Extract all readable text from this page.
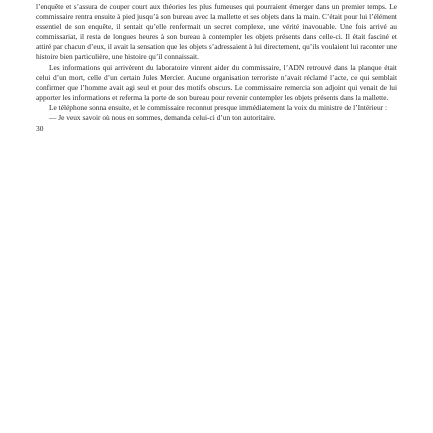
l’enquête et s’assura de couper court aux théories les plus fumeuses qui pourraient émerger dans un premier temps. Le commissaire rentra ensuite à pied jusqu’à son bureau avec la mallette et ses objets dans la main. C’était pour lui l’élément essentiel de son enquête, il sentait qu’elle renfermait un secret complexe, une vérité inavouable. Une fois arrivé au commissariat, il resta de longues heures à son bureau à contempler les objets présents dans celle-ci. Il était fasciné et attiré par chacun d’eux, il avait la sensation que les objets s’adressaient à lui directement, qu’ils voulaient lui raconter une histoire bien particulière, une histoire qu’il connaissait.

Les informations qui arrivèrent du laboratoire vinrent aider du commissaire, l’ADN retrouvé dans la planque était celui d’un mort, celle d’un certain Jules Mercier. Aucune organisation terroriste n’avait réclamé l’acte, ce qui semblait confirmer que l’homme avait agi seul et pour des motifs obscurs. Le commissaire remercia son adjoint qui venait de lui apporter les informations et referma la porte de son bureau pour revenir contempler les objets présents dans la mallette.

Le téléphone sonna ensuite, et le commissaire reconnut presque immédiatement la voix du ministre de l’Intérieur :

— Je veux savoir où nous en sommes, demanda celui-ci d’un ton autoritaire.

30
